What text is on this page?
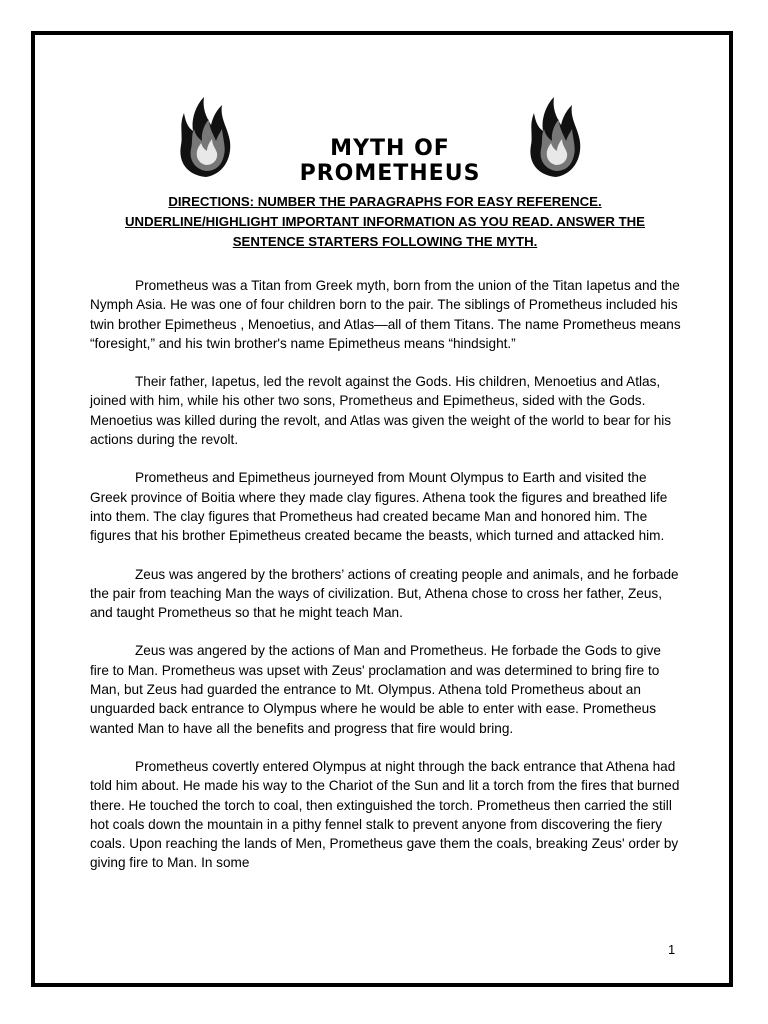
MYTH OF PROMETHEUS
DIRECTIONS: NUMBER THE PARAGRAPHS FOR EASY REFERENCE. UNDERLINE/HIGHLIGHT IMPORTANT INFORMATION AS YOU READ. ANSWER THE SENTENCE STARTERS FOLLOWING THE MYTH.

Prometheus was a Titan from Greek myth, born from the union of the Titan Iapetus and the Nymph Asia. He was one of four children born to the pair. The siblings of Prometheus included his twin brother Epimetheus , Menoetius, and Atlas—all of them Titans. The name Prometheus means “foresight,” and his twin brother's name Epimetheus means “hindsight.”

Their father, Iapetus, led the revolt against the Gods. His children, Menoetius and Atlas, joined with him, while his other two sons, Prometheus and Epimetheus, sided with the Gods. Menoetius was killed during the revolt, and Atlas was given the weight of the world to bear for his actions during the revolt.

Prometheus and Epimetheus journeyed from Mount Olympus to Earth and visited the Greek province of Boitia where they made clay figures. Athena took the figures and breathed life into them. The clay figures that Prometheus had created became Man and honored him. The figures that his brother Epimetheus created became the beasts, which turned and attacked him.

Zeus was angered by the brothers’ actions of creating people and animals, and he forbade the pair from teaching Man the ways of civilization. But, Athena chose to cross her father, Zeus, and taught Prometheus so that he might teach Man.

Zeus was angered by the actions of Man and Prometheus. He forbade the Gods to give fire to Man. Prometheus was upset with Zeus' proclamation and was determined to bring fire to Man, but Zeus had guarded the entrance to Mt. Olympus. Athena told Prometheus about an unguarded back entrance to Olympus where he would be able to enter with ease. Prometheus wanted Man to have all the benefits and progress that fire would bring.

Prometheus covertly entered Olympus at night through the back entrance that Athena had told him about. He made his way to the Chariot of the Sun and lit a torch from the fires that burned there. He touched the torch to coal, then extinguished the torch. Prometheus then carried the still hot coals down the mountain in a pithy fennel stalk to prevent anyone from discovering the fiery coals. Upon reaching the lands of Men, Prometheus gave them the coals, breaking Zeus' order by giving fire to Man. In some

1
